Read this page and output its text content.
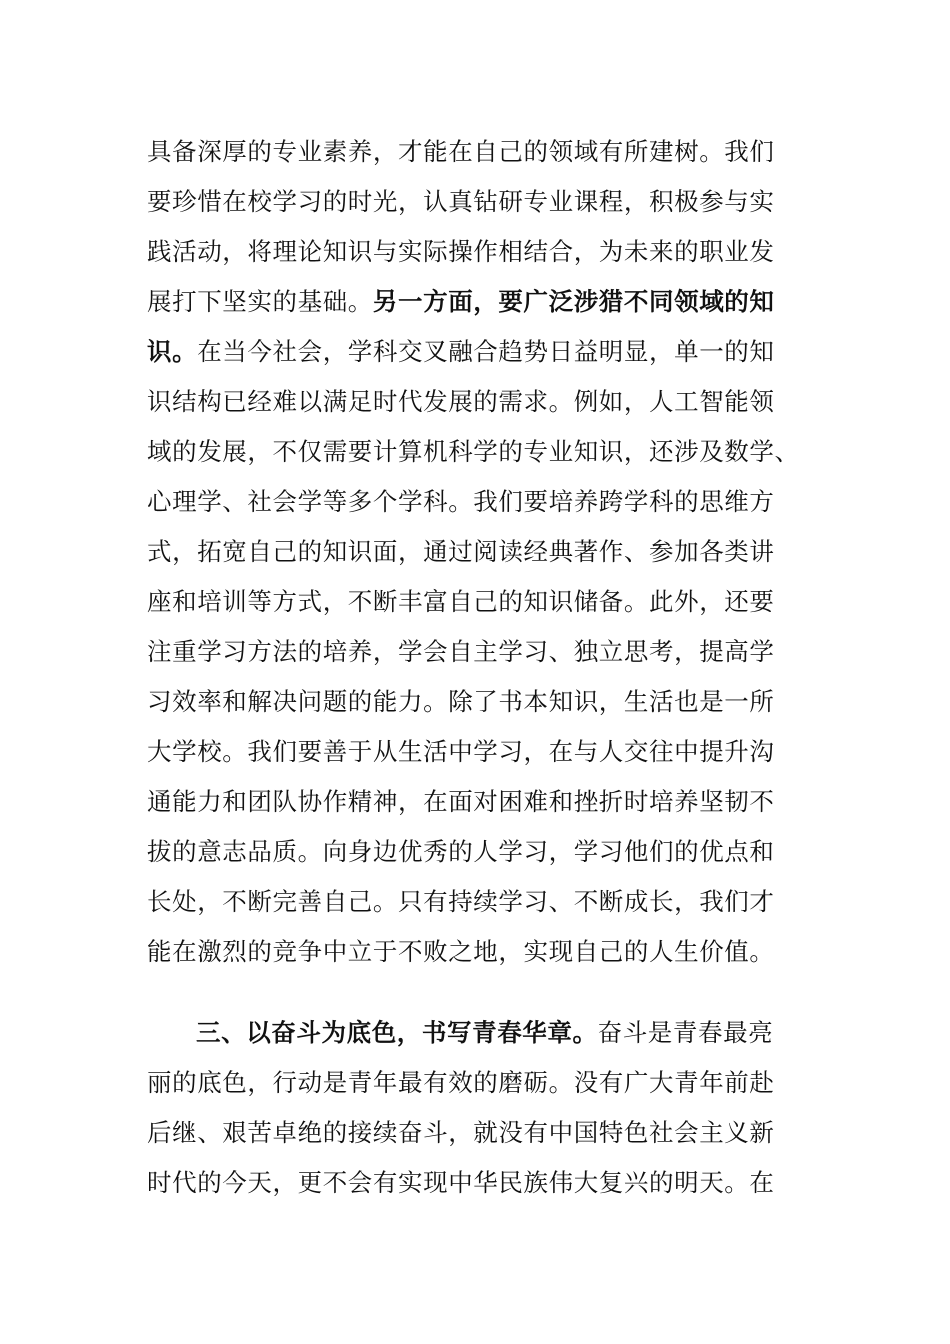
具备深厚的专业素养，才能在自己的领域有所建树。我们
要珍惜在校学习的时光，认真钻研专业课程，积极参与实
践活动，将理论知识与实际操作相结合，为未来的职业发
展打下坚实的基础。另一方面，要广泛涉猎不同领域的知
识。在当今社会，学科交叉融合趋势日益明显，单一的知
识结构已经难以满足时代发展的需求。例如，人工智能领
域的发展，不仅需要计算机科学的专业知识，还涉及数学、
心理学、社会学等多个学科。我们要培养跨学科的思维方
式，拓宽自己的知识面，通过阅读经典著作、参加各类讲
座和培训等方式，不断丰富自己的知识储备。此外，还要
注重学习方法的培养，学会自主学习、独立思考，提高学
习效率和解决问题的能力。除了书本知识，生活也是一所
大学校。我们要善于从生活中学习，在与人交往中提升沟
通能力和团队协作精神，在面对困难和挫折时培养坚韧不
拔的意志品质。向身边优秀的人学习，学习他们的优点和
长处，不断完善自己。只有持续学习、不断成长，我们才
能在激烈的竞争中立于不败之地，实现自己的人生价值。
三、以奋斗为底色，书写青春华章。奋斗是青春最亮
丽的底色，行动是青年最有效的磨砺。没有广大青年前赴
后继、艰苦卓绝的接续奋斗，就没有中国特色社会主义新
时代的今天，更不会有实现中华民族伟大复兴的明天。在
